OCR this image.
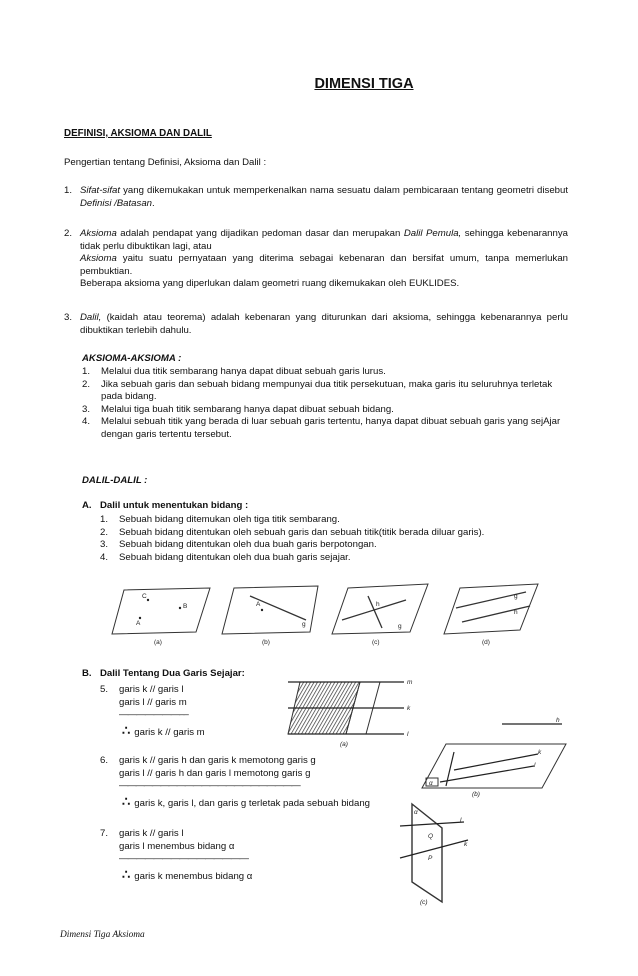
DIMENSI TIGA
DEFINISI, AKSIOMA DAN DALIL
Pengertian tentang Definisi, Aksioma dan Dalil :
1. Sifat-sifat yang dikemukakan untuk memperkenalkan nama sesuatu dalam pembicaraan tentang geometri disebut Definisi /Batasan.

2. Aksioma adalah pendapat yang dijadikan pedoman dasar dan merupakan Dalil Pemula, sehingga kebenarannya tidak perlu dibuktikan lagi, atau

Aksioma yaitu suatu pernyataan yang diterima sebagai kebenaran dan bersifat umum, tanpa memerlukan pembuktian.

Beberapa aksioma yang diperlukan dalam geometri ruang dikemukakan oleh EUKLIDES.

3. Dalil, (kaidah atau teorema) adalah kebenaran yang diturunkan dari aksioma, sehingga kebenarannya perlu dibuktikan terlebih dahulu.

AKSIOMA-AKSIOMA :
1. Melalui dua titik sembarang hanya dapat dibuat sebuah garis lurus.
2. Jika sebuah garis dan sebuah bidang mempunyai dua titik persekutuan, maka garis itu seluruhnya terletak pada bidang.
3. Melalui tiga buah titik sembarang hanya dapat dibuat sebuah bidang.
4. Melalui sebuah titik yang berada di luar sebuah garis tertentu, hanya dapat dibuat sebuah garis yang sejAjar dengan garis tertentu tersebut.
DALIL-DALIL :
A. Dalil untuk menentukan bidang :
1. Sebuah bidang ditemukan oleh tiga titik sembarang.
2. Sebuah bidang ditentukan oleh sebuah garis dan sebuah titik(titik berada diluar garis).
3. Sebuah bidang ditentukan oleh dua buah garis berpotongan.
4. Sebuah bidang ditentukan oleh dua buah garis sejajar.
C
B
A
A
g
h
g
g
h
(a)	(b)	(c)	(d)
B. Dalil Tentang Dua Garis Sejajar:
5. garis k // garis l
garis l // garis m
———————––
∴ garis k // garis m
m
k
l
h
(a)
6. garis k // garis h dan garis k memotong garis g
garis l // garis h dan garis l memotong garis g
——————————————————————
∴ garis k, garis l, dan garis g terletak pada sebuah bidang
k
l
α
(b)
7. garis k // garis l
garis l menembus bidang α
———————————————
∴ garis k menembus bidang α
α
l
k
Q
P
(c)
Dimensi Tiga Aksioma
